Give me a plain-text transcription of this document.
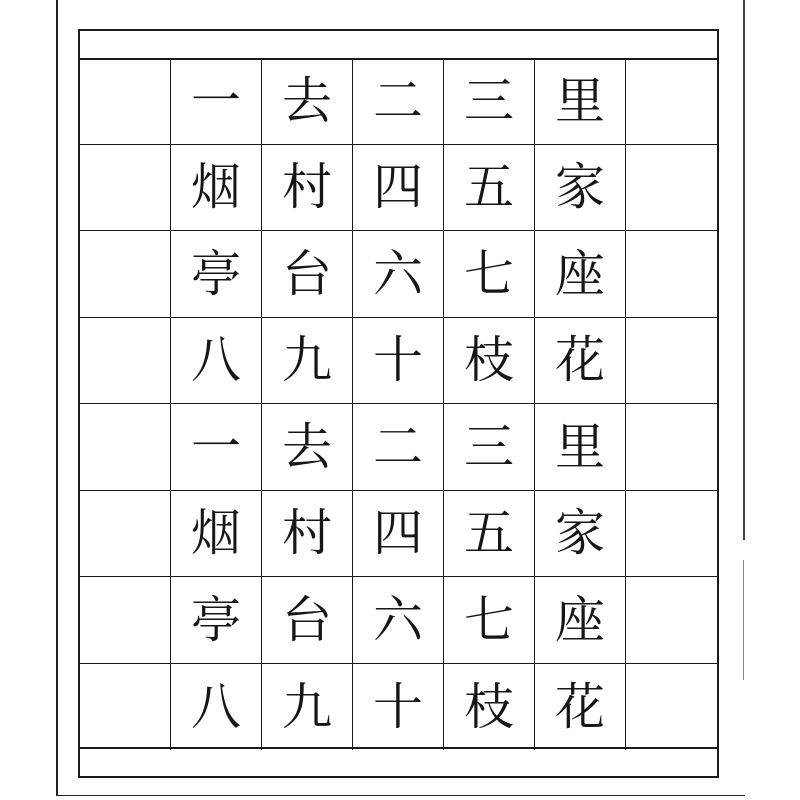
一 去 二 三 里
烟 村 四 五 家
亭 台 六 七 座
八 九 十 枝 花
一 去 二 三 里
烟 村 四 五 家
亭 台 六 七 座
八 九 十 枝 花
